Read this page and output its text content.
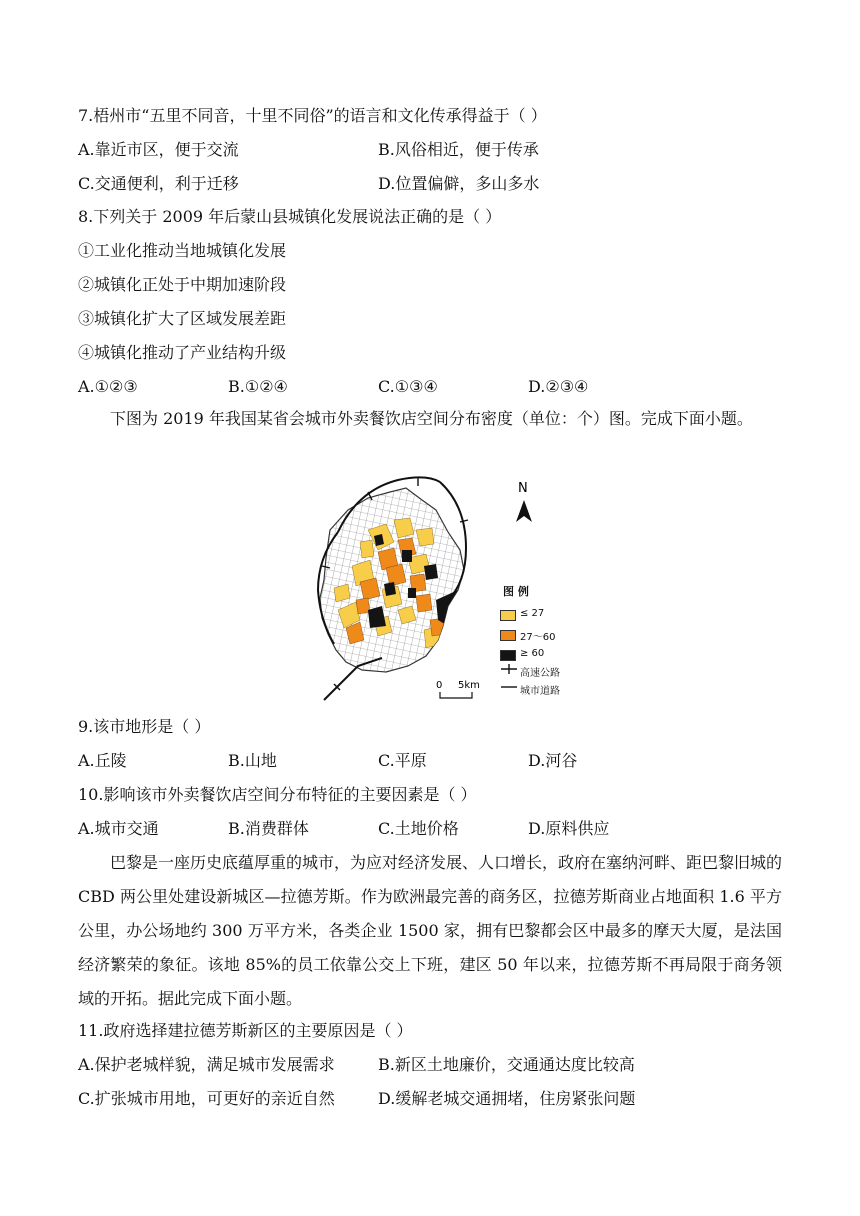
7.梧州市“五里不同音，十里不同俗”的语言和文化传承得益于（ ）
A.靠近市区，便于交流	B.风俗相近，便于传承
C.交通便利，利于迁移	D.位置偏僻，多山多水
8.下列关于 2009 年后蒙山县城镇化发展说法正确的是（ ）
①工业化推动当地城镇化发展
②城镇化正处于中期加速阶段
③城镇化扩大了区域发展差距
④城镇化推动了产业结构升级
A.①②③	B.①②④	C.①③④	D.②③④
下图为 2019 年我国某省会城市外卖餐饮店空间分布密度（单位：个）图。完成下面小题。
N
0 5km
图 例
≤ 27
27～60
≥ 60
高速公路
城市道路
9.该市地形是（ ）
A.丘陵	B.山地	C.平原	D.河谷
10.影响该市外卖餐饮店空间分布特征的主要因素是（ ）
A.城市交通	B.消费群体	C.土地价格	D.原料供应
巴黎是一座历史底蕴厚重的城市，为应对经济发展、人口增长，政府在塞纳河畔、距巴黎旧城的 CBD 两公里处建设新城区—拉德芳斯。作为欧洲最完善的商务区，拉德芳斯商业占地面积 1.6 平方公里，办公场地约 300 万平方米，各类企业 1500 家，拥有巴黎都会区中最多的摩天大厦，是法国经济繁荣的象征。该地 85%的员工依靠公交上下班，建区 50 年以来，拉德芳斯不再局限于商务领域的开拓。据此完成下面小题。
11.政府选择建拉德芳斯新区的主要原因是（ ）
A.保护老城样貌，满足城市发展需求	B.新区土地廉价，交通通达度比较高
C.扩张城市用地，可更好的亲近自然	D.缓解老城交通拥堵，住房紧张问题
